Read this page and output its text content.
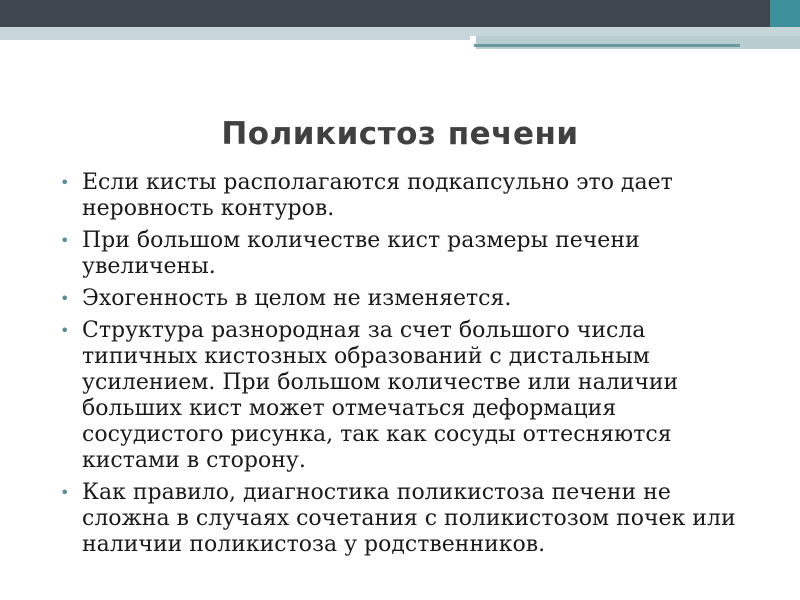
Поликистоз печени
• Если кисты располагаются подкапсульно это дает неровность контуров.
• При большом количестве кист размеры печени увеличены.
• Эхогенность в целом не изменяется.
• Структура разнородная за счет большого числа типичных кистозных образований с дистальным усилением. При большом количестве или наличии больших кист может отмечаться деформация сосудистого рисунка, так как сосуды оттесняются кистами в сторону.
• Как правило, диагностика поликистоза печени не сложна в случаях сочетания с поликистозом почек или наличии поликистоза у родственников.
